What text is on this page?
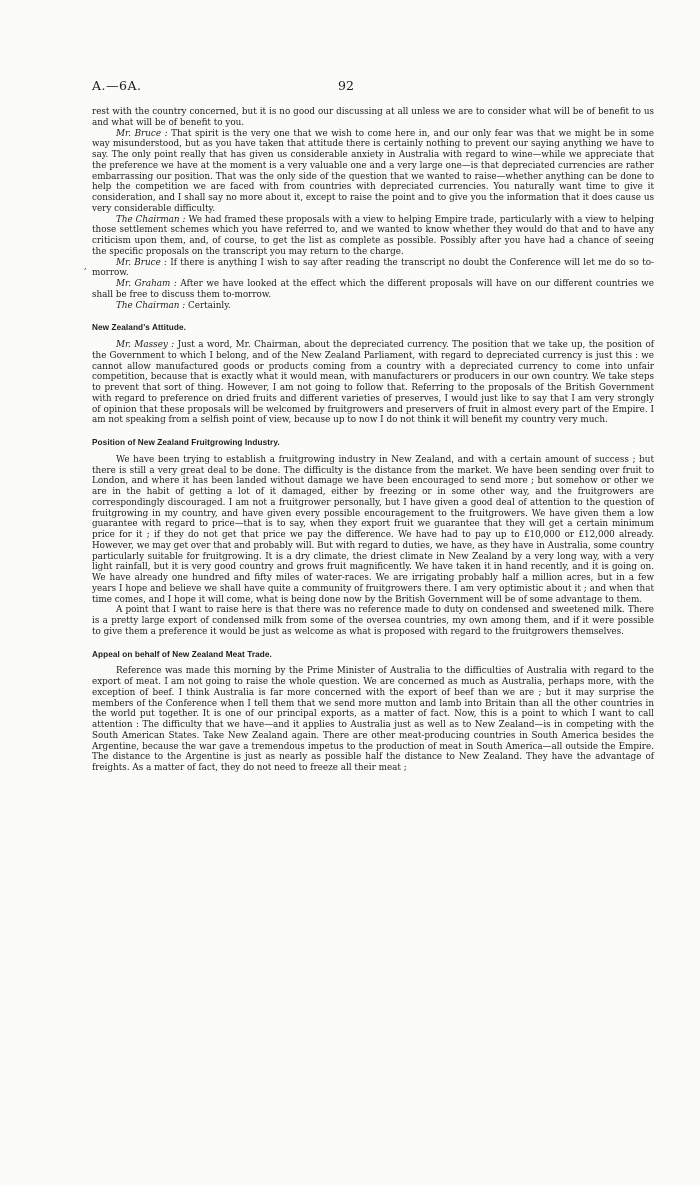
A.—6A.	92
,

rest with the country concerned, but it is no good our discussing at all unless we are to consider what will be of benefit to us and what will be of benefit to you.

Mr. Bruce : That spirit is the very one that we wish to come here in, and our only fear was that we might be in some way misunderstood, but as you have taken that attitude there is certainly nothing to prevent our saying anything we have to say. The only point really that has given us considerable anxiety in Australia with regard to wine—while we appreciate that the preference we have at the moment is a very valuable one and a very large one—is that depreciated currencies are rather embarrassing our position. That was the only side of the question that we wanted to raise—whether anything can be done to help the competition we are faced with from countries with depreciated currencies. You naturally want time to give it consideration, and I shall say no more about it, except to raise the point and to give you the information that it does cause us very considerable difficulty.

The Chairman : We had framed these proposals with a view to helping Empire trade, particularly with a view to helping those settlement schemes which you have referred to, and we wanted to know whether they would do that and to have any criticism upon them, and, of course, to get the list as complete as possible. Possibly after you have had a chance of seeing the specific proposals on the transcript you may return to the charge.

Mr. Bruce : If there is anything I wish to say after reading the transcript no doubt the Conference will let me do so to-morrow.

Mr. Graham : After we have looked at the effect which the different proposals will have on our different countries we shall be free to discuss them to-morrow.

The Chairman : Certainly.

New Zealand’s Attitude.

Mr. Massey : Just a word, Mr. Chairman, about the depreciated currency. The position that we take up, the position of the Government to which I belong, and of the New Zealand Parliament, with regard to depreciated currency is just this : we cannot allow manufactured goods or products coming from a country with a depreciated currency to come into unfair competition, because that is exactly what it would mean, with manufacturers or producers in our own country. We take steps to prevent that sort of thing. However, I am not going to follow that. Referring to the proposals of the British Government with regard to preference on dried fruits and different varieties of preserves, I would just like to say that I am very strongly of opinion that these proposals will be welcomed by fruitgrowers and preservers of fruit in almost every part of the Empire. I am not speaking from a selfish point of view, because up to now I do not think it will benefit my country very much.

Position of New Zealand Fruitgrowing Industry.

We have been trying to establish a fruitgrowing industry in New Zealand, and with a certain amount of success ; but there is still a very great deal to be done. The difficulty is the distance from the market. We have been sending over fruit to London, and where it has been landed without damage we have been encouraged to send more ; but somehow or other we are in the habit of getting a lot of it damaged, either by freezing or in some other way, and the fruitgrowers are correspondingly discouraged. I am not a fruitgrower personally, but I have given a good deal of attention to the question of fruitgrowing in my country, and have given every possible encouragement to the fruitgrowers. We have given them a low guarantee with regard to price—that is to say, when they export fruit we guarantee that they will get a certain minimum price for it ; if they do not get that price we pay the difference. We have had to pay up to £10,000 or £12,000 already. However, we may get over that and probably will. But with regard to duties, we have, as they have in Australia, some country particularly suitable for fruitgrowing. It is a dry climate, the driest climate in New Zealand by a very long way, with a very light rainfall, but it is very good country and grows fruit magnificently. We have taken it in hand recently, and it is going on. We have already one hundred and fifty miles of water-races. We are irrigating probably half a million acres, but in a few years I hope and believe we shall have quite a community of fruitgrowers there. I am very optimistic about it ; and when that time comes, and I hope it will come, what is being done now by the British Government will be of some advantage to them.

A point that I want to raise here is that there was no reference made to duty on condensed and sweetened milk. There is a pretty large export of condensed milk from some of the oversea countries, my own among them, and if it were possible to give them a preference it would be just as welcome as what is proposed with regard to the fruitgrowers themselves.

Appeal on behalf of New Zealand Meat Trade.

Reference was made this morning by the Prime Minister of Australia to the difficulties of Australia with regard to the export of meat. I am not going to raise the whole question. We are concerned as much as Australia, perhaps more, with the exception of beef. I think Australia is far more concerned with the export of beef than we are ; but it may surprise the members of the Conference when I tell them that we send more mutton and lamb into Britain than all the other countries in the world put together. It is one of our principal exports, as a matter of fact. Now, this is a point to which I want to call attention : The difficulty that we have—and it applies to Australia just as well as to New Zealand—is in competing with the South American States. Take New Zealand again. There are other meat-producing countries in South America besides the Argentine, because the war gave a tremendous impetus to the production of meat in South America—all outside the Empire. The distance to the Argentine is just as nearly as possible half the distance to New Zealand. They have the advantage of freights. As a matter of fact, they do not need to freeze all their meat ;
